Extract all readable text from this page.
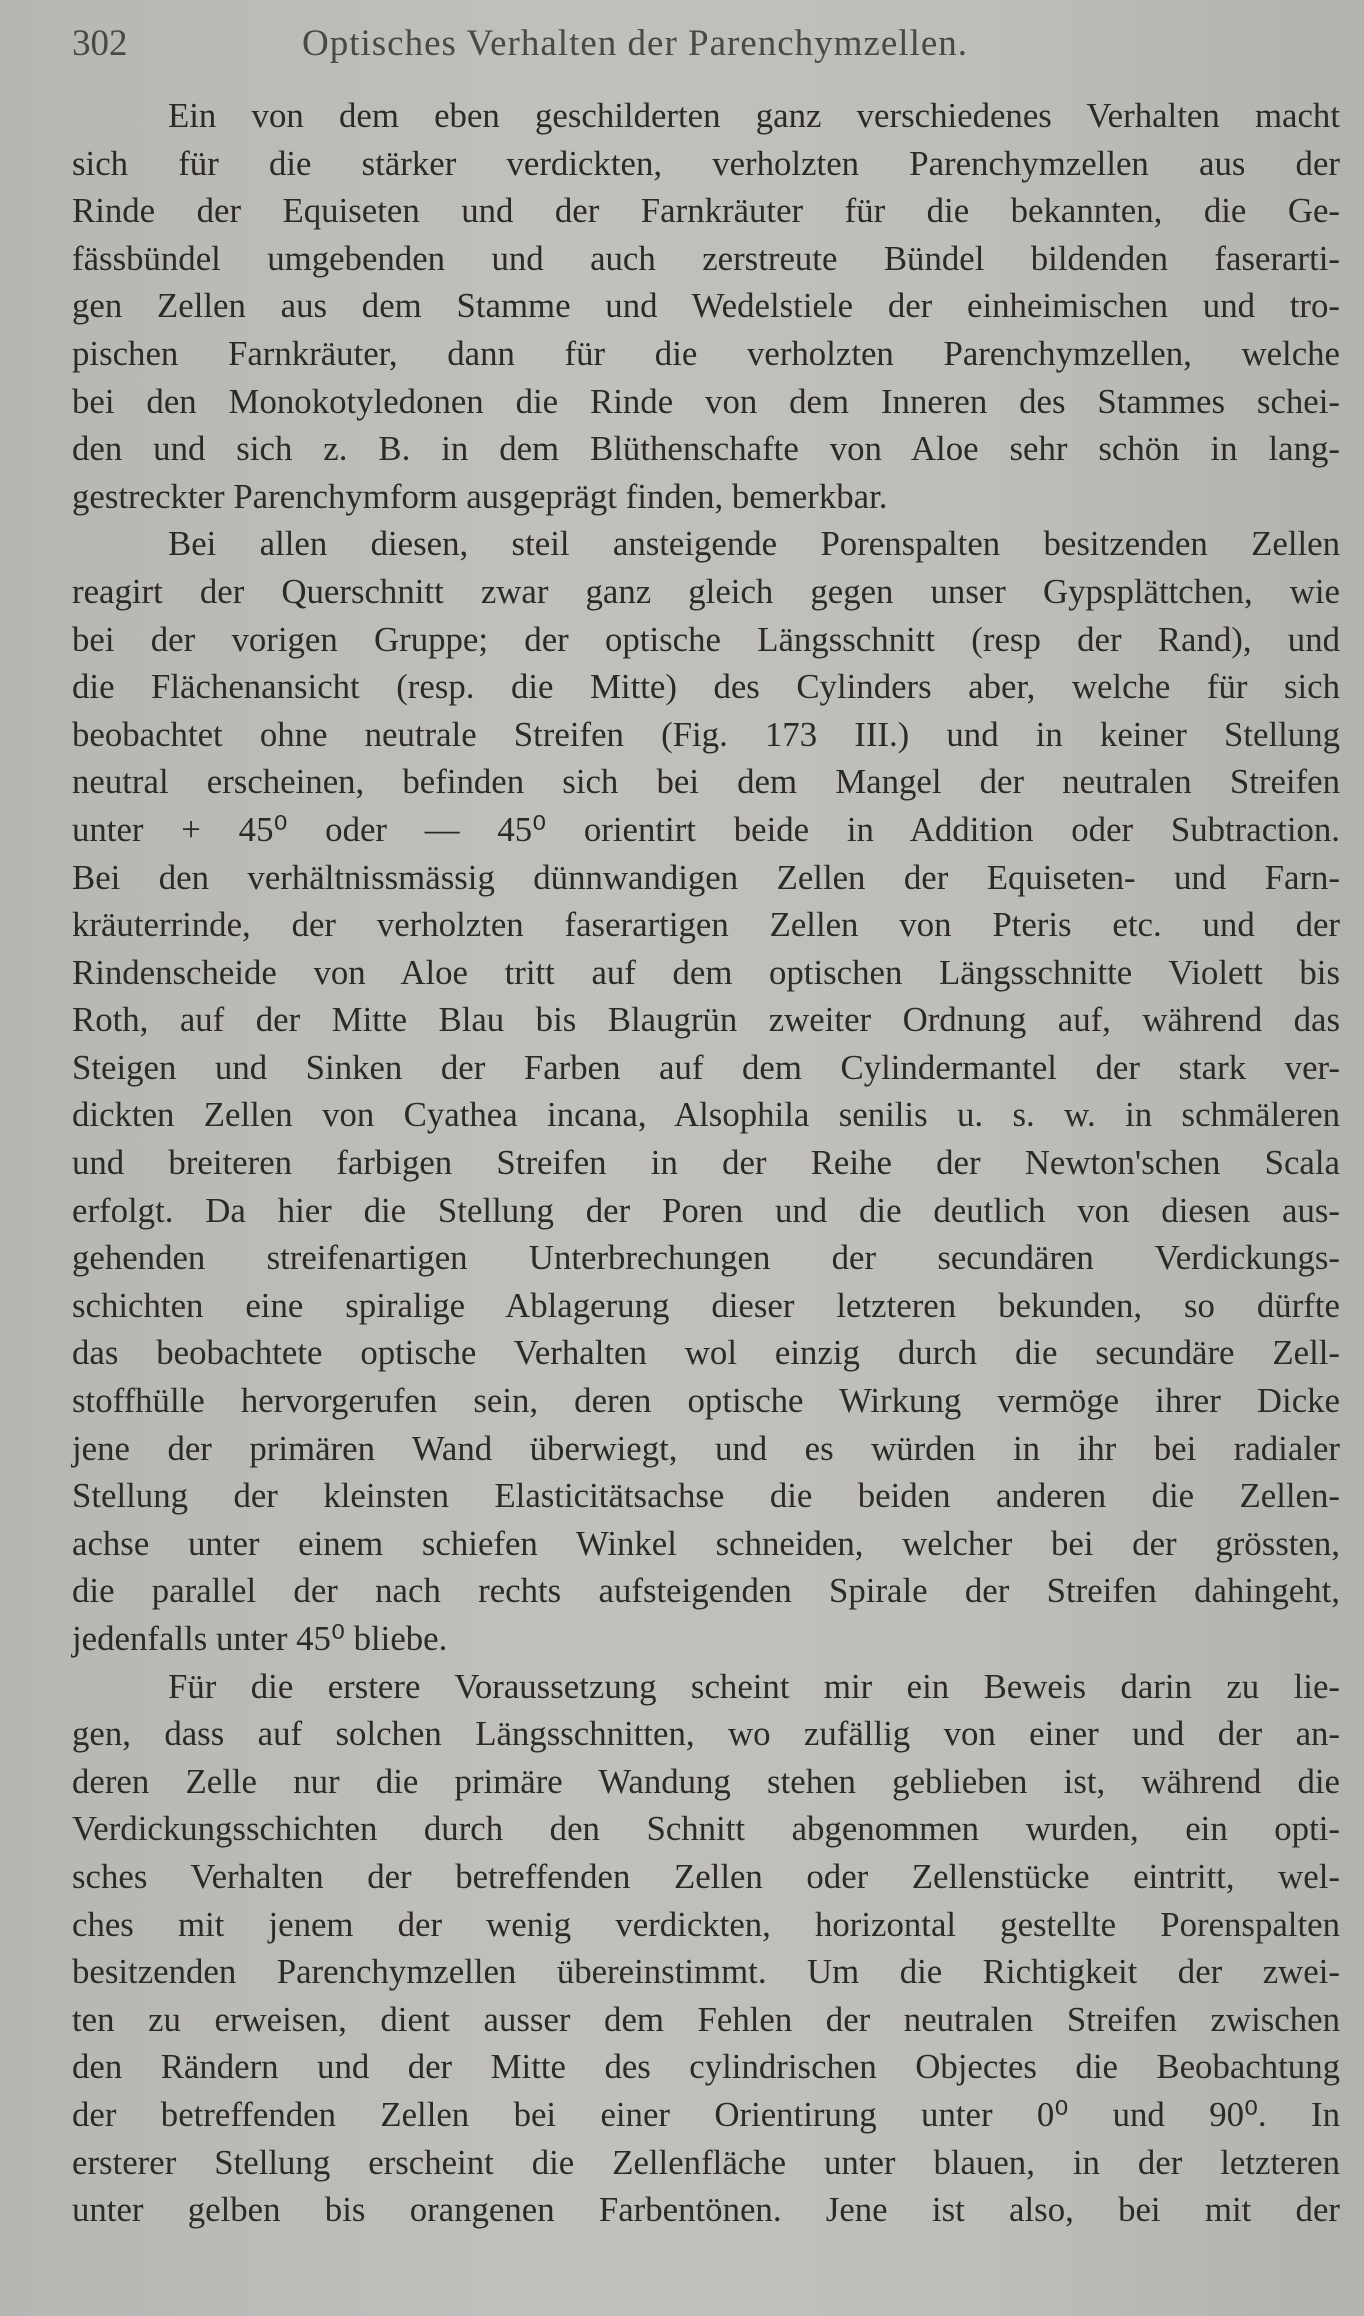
302	Optisches Verhalten der Parenchymzellen.
Ein von dem eben geschilderten ganz verschiedenes Verhalten macht
sich für die stärker verdickten, verholzten Parenchymzellen aus der
Rinde der Equiseten und der Farnkräuter für die bekannten, die Ge-
fässbündel umgebenden und auch zerstreute Bündel bildenden faserarti-
gen Zellen aus dem Stamme und Wedelstiele der einheimischen und tro-
pischen Farnkräuter, dann für die verholzten Parenchymzellen, welche
bei den Monokotyledonen die Rinde von dem Inneren des Stammes schei-
den und sich z. B. in dem Blüthenschafte von Aloe sehr schön in lang-
gestreckter Parenchymform ausgeprägt finden, bemerkbar.
Bei allen diesen, steil ansteigende Porenspalten besitzenden Zellen
reagirt der Querschnitt zwar ganz gleich gegen unser Gypsplättchen, wie
bei der vorigen Gruppe; der optische Längsschnitt (resp der Rand), und
die Flächenansicht (resp. die Mitte) des Cylinders aber, welche für sich
beobachtet ohne neutrale Streifen (Fig. 173 III.) und in keiner Stellung
neutral erscheinen, befinden sich bei dem Mangel der neutralen Streifen
unter + 45⁰ oder — 45⁰ orientirt beide in Addition oder Subtraction.
Bei den verhältnissmässig dünnwandigen Zellen der Equiseten- und Farn-
kräuterrinde, der verholzten faserartigen Zellen von Pteris etc. und der
Rindenscheide von Aloe tritt auf dem optischen Längsschnitte Violett bis
Roth, auf der Mitte Blau bis Blaugrün zweiter Ordnung auf, während das
Steigen und Sinken der Farben auf dem Cylindermantel der stark ver-
dickten Zellen von Cyathea incana, Alsophila senilis u. s. w. in schmäleren
und breiteren farbigen Streifen in der Reihe der Newton'schen Scala
erfolgt. Da hier die Stellung der Poren und die deutlich von diesen aus-
gehenden streifenartigen Unterbrechungen der secundären Verdickungs-
schichten eine spiralige Ablagerung dieser letzteren bekunden, so dürfte
das beobachtete optische Verhalten wol einzig durch die secundäre Zell-
stoffhülle hervorgerufen sein, deren optische Wirkung vermöge ihrer Dicke
jene der primären Wand überwiegt, und es würden in ihr bei radialer
Stellung der kleinsten Elasticitätsachse die beiden anderen die Zellen-
achse unter einem schiefen Winkel schneiden, welcher bei der grössten,
die parallel der nach rechts aufsteigenden Spirale der Streifen dahingeht,
jedenfalls unter 45⁰ bliebe.
Für die erstere Voraussetzung scheint mir ein Beweis darin zu lie-
gen, dass auf solchen Längsschnitten, wo zufällig von einer und der an-
deren Zelle nur die primäre Wandung stehen geblieben ist, während die
Verdickungsschichten durch den Schnitt abgenommen wurden, ein opti-
sches Verhalten der betreffenden Zellen oder Zellenstücke eintritt, wel-
ches mit jenem der wenig verdickten, horizontal gestellte Porenspalten
besitzenden Parenchymzellen übereinstimmt. Um die Richtigkeit der zwei-
ten zu erweisen, dient ausser dem Fehlen der neutralen Streifen zwischen
den Rändern und der Mitte des cylindrischen Objectes die Beobachtung
der betreffenden Zellen bei einer Orientirung unter 0⁰ und 90⁰. In
ersterer Stellung erscheint die Zellenfläche unter blauen, in der letzteren
unter gelben bis orangenen Farbentönen. Jene ist also, bei mit der
